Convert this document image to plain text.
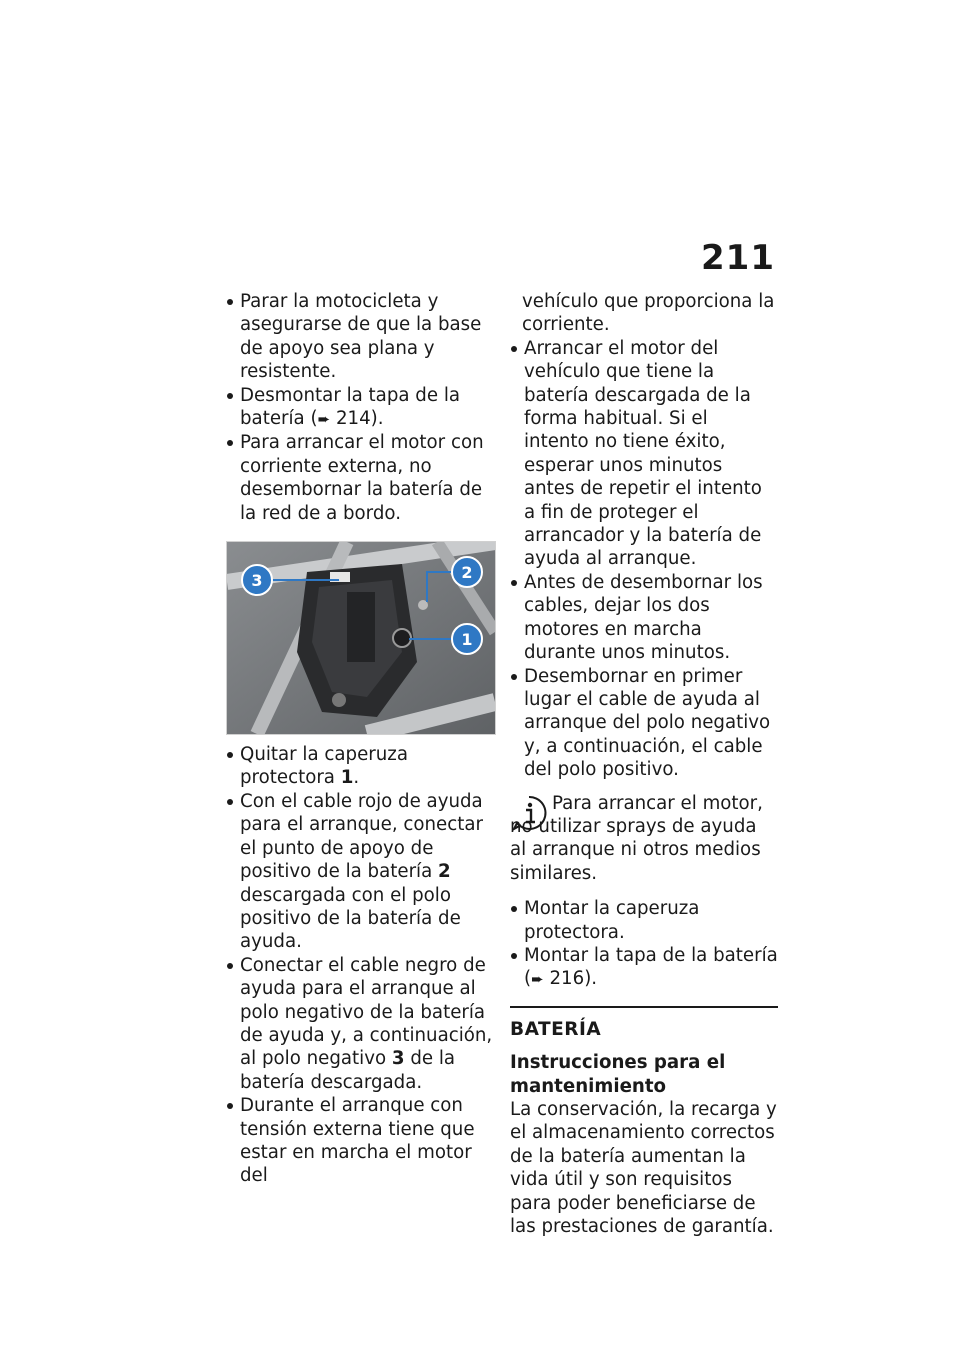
211
Parar la motocicleta y asegurarse de que la base de apoyo sea plana y resistente.
Desmontar la tapa de la batería (➨ 214).
Para arrancar el motor con corriente externa, no desembornar la batería de la red de a bordo.
3	2
1
Quitar la caperuza protectora 1.
Con el cable rojo de ayuda para el arranque, conectar el punto de apoyo de positivo de la batería 2 descargada con el polo positivo de la batería de ayuda.
Conectar el cable negro de ayuda para el arranque al polo negativo de la batería de ayuda y, a continuación, al polo negativo 3 de la batería descargada.
Durante el arranque con tensión externa tiene que estar en marcha el motor del
vehículo que proporciona la corriente.
Arrancar el motor del vehículo que tiene la batería descargada de la forma habitual. Si el intento no tiene éxito, esperar unos minutos antes de repetir el intento a fin de proteger el arrancador y la batería de ayuda al arranque.
Antes de desembornar los cables, dejar los dos motores en marcha durante unos minutos.
Desembornar en primer lugar el cable de ayuda al arranque del polo negativo y, a continuación, el cable del polo positivo.
Para arrancar el motor, no utilizar sprays de ayuda al arranque ni otros medios similares.
Montar la caperuza protectora.
Montar la tapa de la batería (➨ 216).
BATERÍA
Instrucciones para el mantenimiento

La conservación, la recarga y el almacenamiento correctos de la batería aumentan la vida útil y son requisitos para poder beneficiarse de las prestaciones de garantía.
